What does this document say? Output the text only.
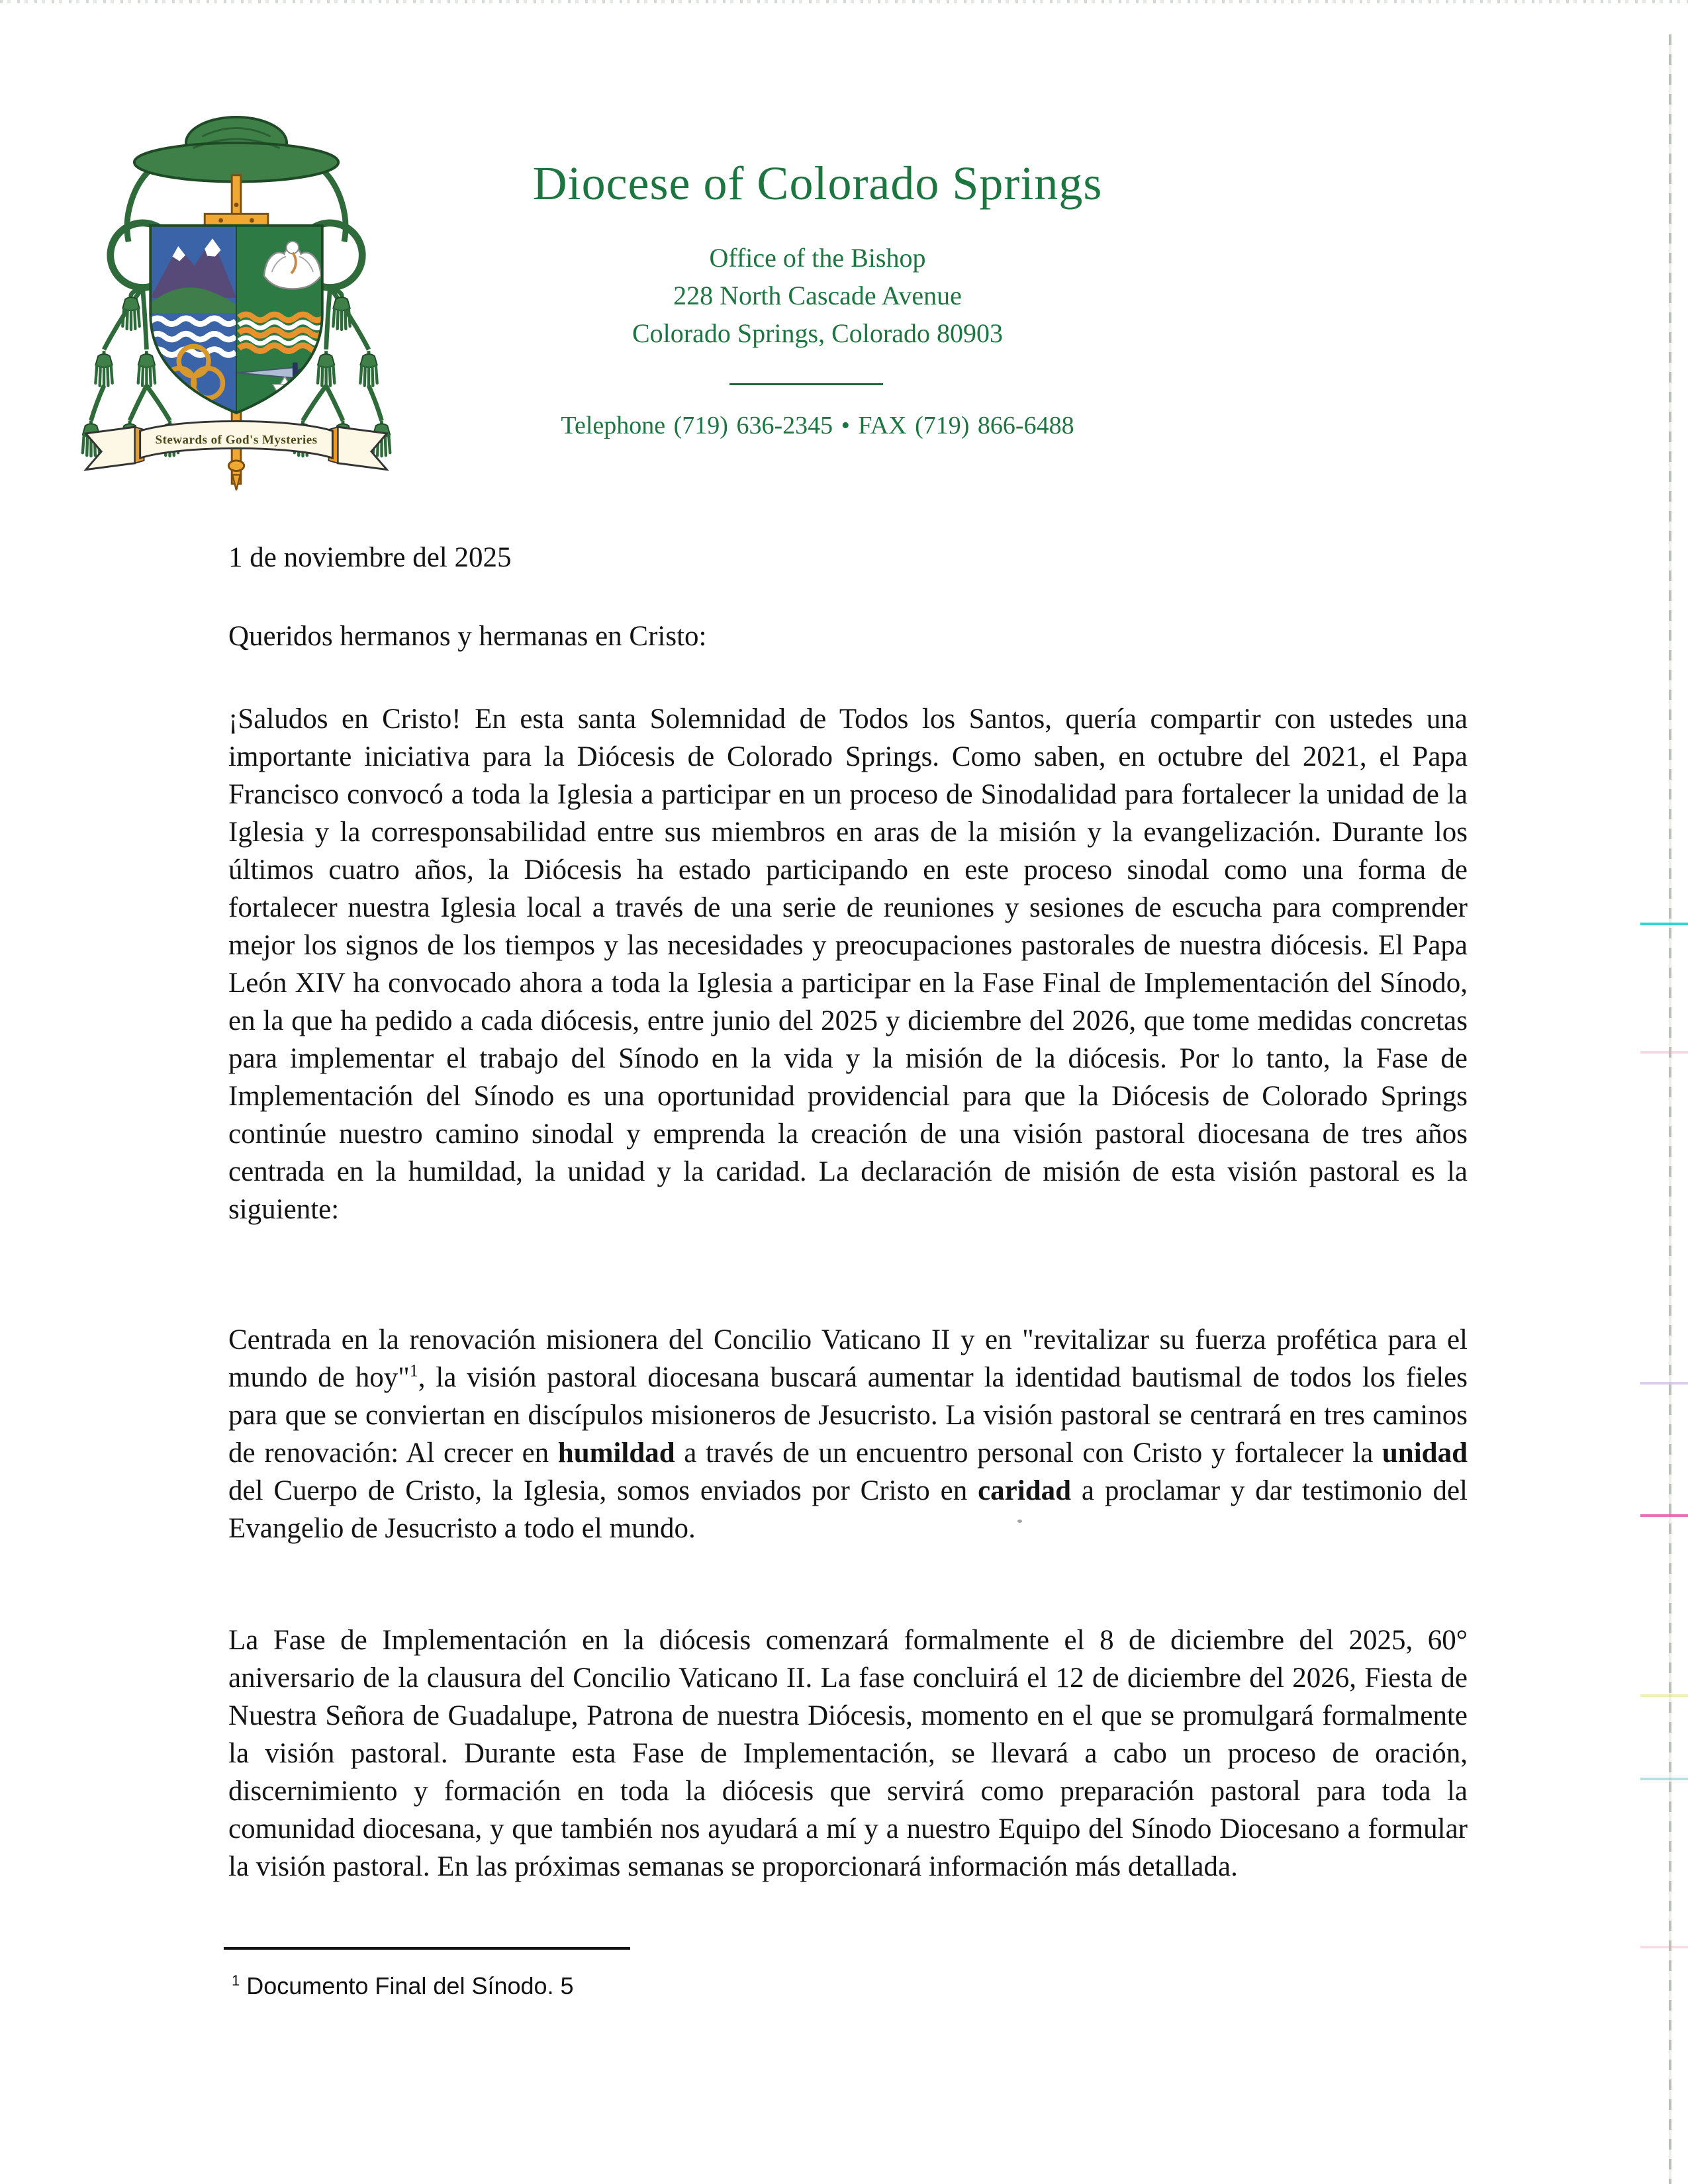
Stewards of God's Mysteries
Diocese of Colorado Springs
Office of the Bishop
228 North Cascade Avenue
Colorado Springs, Colorado 80903
Telephone (719) 636-2345 • FAX (719) 866-6488
1 de noviembre del 2025
Queridos hermanos y hermanas en Cristo:

¡Saludos en Cristo! En esta santa Solemnidad de Todos los Santos, quería compartir con ustedes una importante iniciativa para la Diócesis de Colorado Springs. Como saben, en octubre del 2021, el Papa Francisco convocó a toda la Iglesia a participar en un proceso de Sinodalidad para fortalecer la unidad de la Iglesia y la corresponsabilidad entre sus miembros en aras de la misión y la evangelización. Durante los últimos cuatro años, la Diócesis ha estado participando en este proceso sinodal como una forma de fortalecer nuestra Iglesia local a través de una serie de reuniones y sesiones de escucha para comprender mejor los signos de los tiempos y las necesidades y preocupaciones pastorales de nuestra diócesis. El Papa León XIV ha convocado ahora a toda la Iglesia a participar en la Fase Final de Implementación del Sínodo, en la que ha pedido a cada diócesis, entre junio del 2025 y diciembre del 2026, que tome medidas concretas para implementar el trabajo del Sínodo en la vida y la misión de la diócesis. Por lo tanto, la Fase de Implementación del Sínodo es una oportunidad providencial para que la Diócesis de Colorado Springs continúe nuestro camino sinodal y emprenda la creación de una visión pastoral diocesana de tres años centrada en la humildad, la unidad y la caridad. La declaración de misión de esta visión pastoral es la siguiente:

Centrada en la renovación misionera del Concilio Vaticano II y en "revitalizar su fuerza profética para el mundo de hoy"$^1$, la visión pastoral diocesana buscará aumentar la identidad bautismal de todos los fieles para que se conviertan en discípulos misioneros de Jesucristo. La visión pastoral se centrará en tres caminos de renovación: Al crecer en humildad a través de un encuentro personal con Cristo y fortalecer la unidad del Cuerpo de Cristo, la Iglesia, somos enviados por Cristo en caridad a proclamar y dar testimonio del Evangelio de Jesucristo a todo el mundo.

La Fase de Implementación en la diócesis comenzará formalmente el 8 de diciembre del 2025, 60° aniversario de la clausura del Concilio Vaticano II. La fase concluirá el 12 de diciembre del 2026, Fiesta de Nuestra Señora de Guadalupe, Patrona de nuestra Diócesis, momento en el que se promulgará formalmente la visión pastoral. Durante esta Fase de Implementación, se llevará a cabo un proceso de oración, discernimiento y formación en toda la diócesis que servirá como preparación pastoral para toda la comunidad diocesana, y que también nos ayudará a mí y a nuestro Equipo del Sínodo Diocesano a formular la visión pastoral. En las próximas semanas se proporcionará información más detallada.

$^1$ Documento Final del Sínodo. 5
